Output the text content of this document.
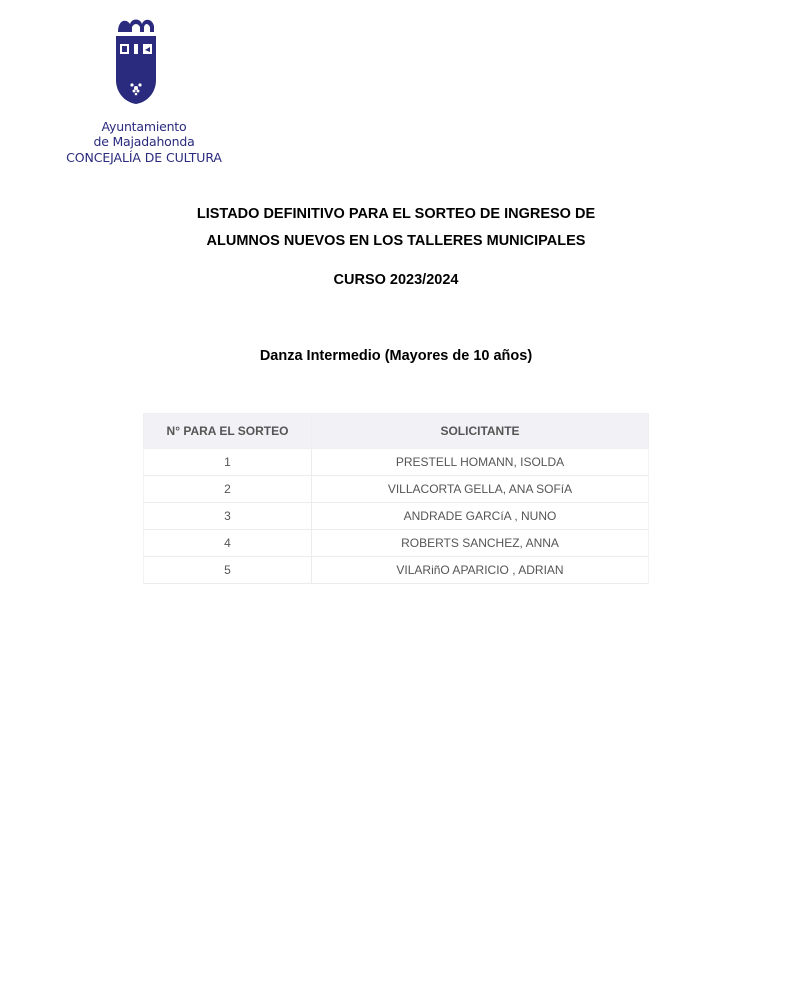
Ayuntamiento
de Majadahonda
CONCEJALÍA DE CULTURA
LISTADO DEFINITIVO PARA EL SORTEO DE INGRESO DE
ALUMNOS NUEVOS EN LOS TALLERES MUNICIPALES
CURSO 2023/2024
Danza Intermedio (Mayores de 10 años)
N° PARA EL SORTEO	SOLICITANTE
1	PRESTELL HOMANN, ISOLDA
2	VILLACORTA GELLA, ANA SOFíA
3	ANDRADE GARCíA , NUNO
4	ROBERTS SANCHEZ, ANNA
5	VILARiñO APARICIO , ADRIAN
